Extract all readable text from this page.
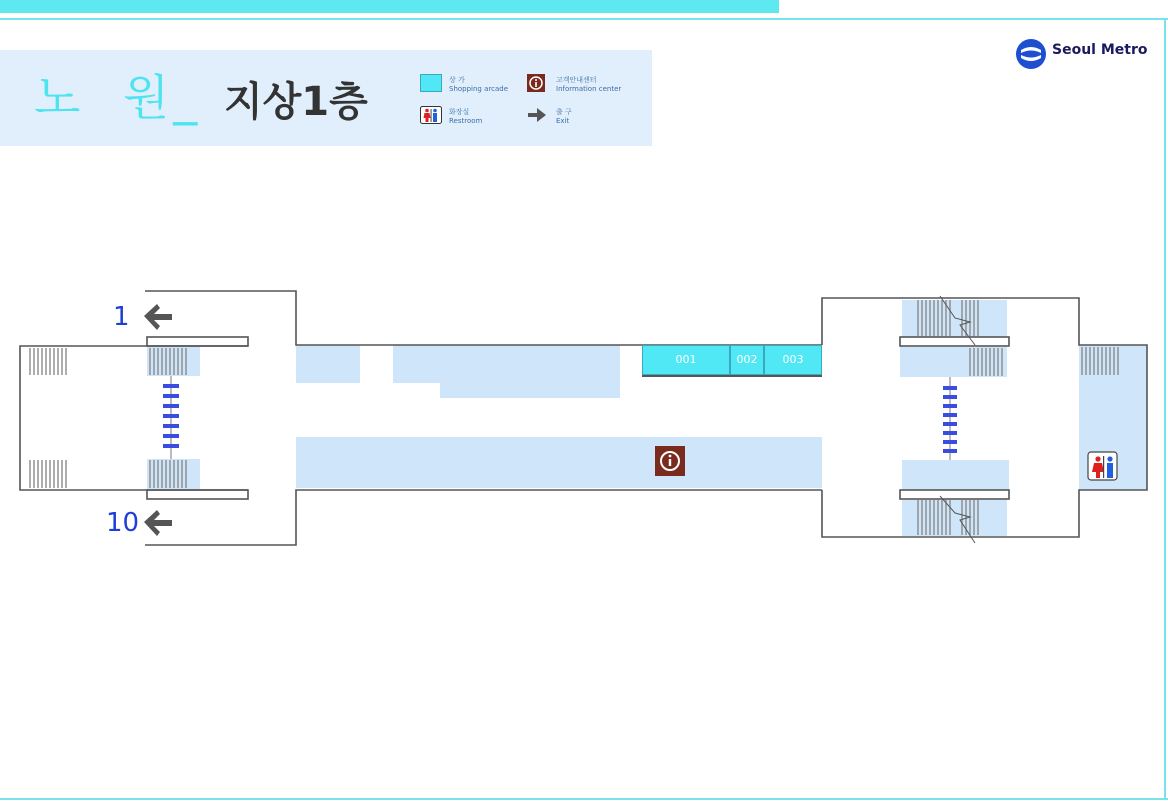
노  원_ 지상1층	상 가
Shopping arcade
고객안내센터
Information center
화장실
Restroom
출 구
Exit
Seoul Metro
1
10
001	002	003
